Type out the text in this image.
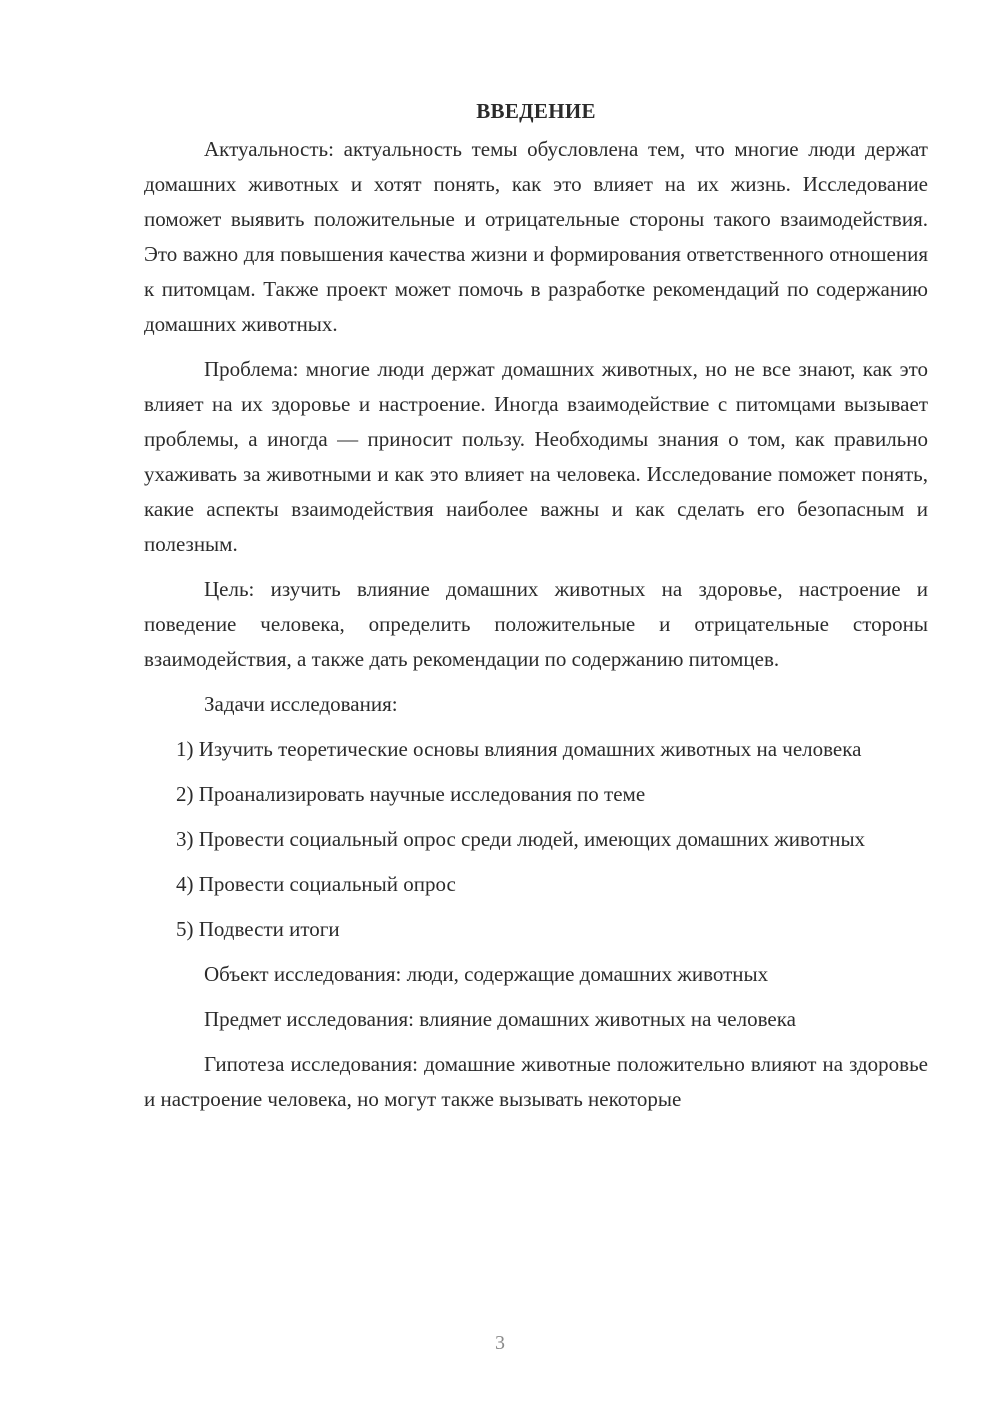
ВВЕДЕНИЕ

Актуальность: актуальность темы обусловлена тем, что многие люди держат домашних животных и хотят понять, как это влияет на их жизнь. Исследование поможет выявить положительные и отрицательные стороны такого взаимодействия. Это важно для повышения качества жизни и формирования ответственного отношения к питомцам. Также проект может помочь в разработке рекомендаций по содержанию домашних животных.

Проблема: многие люди держат домашних животных, но не все знают, как это влияет на их здоровье и настроение. Иногда взаимодействие с питомцами вызывает проблемы, а иногда — приносит пользу. Необходимы знания о том, как правильно ухаживать за животными и как это влияет на человека. Исследование поможет понять, какие аспекты взаимодействия наиболее важны и как сделать его безопасным и полезным.

Цель: изучить влияние домашних животных на здоровье, настроение и поведение человека, определить положительные и отрицательные стороны взаимодействия, а также дать рекомендации по содержанию питомцев.

Задачи исследования:

1) Изучить теоретические основы влияния домашних животных на человека

2) Проанализировать научные исследования по теме

3) Провести социальный опрос среди людей, имеющих домашних животных

4) Провести социальный опрос

5) Подвести итоги

Объект исследования: люди, содержащие домашних животных

Предмет исследования: влияние домашних животных на человека

Гипотеза исследования: домашние животные положительно влияют на здоровье и настроение человека, но могут также вызывать некоторые

3
